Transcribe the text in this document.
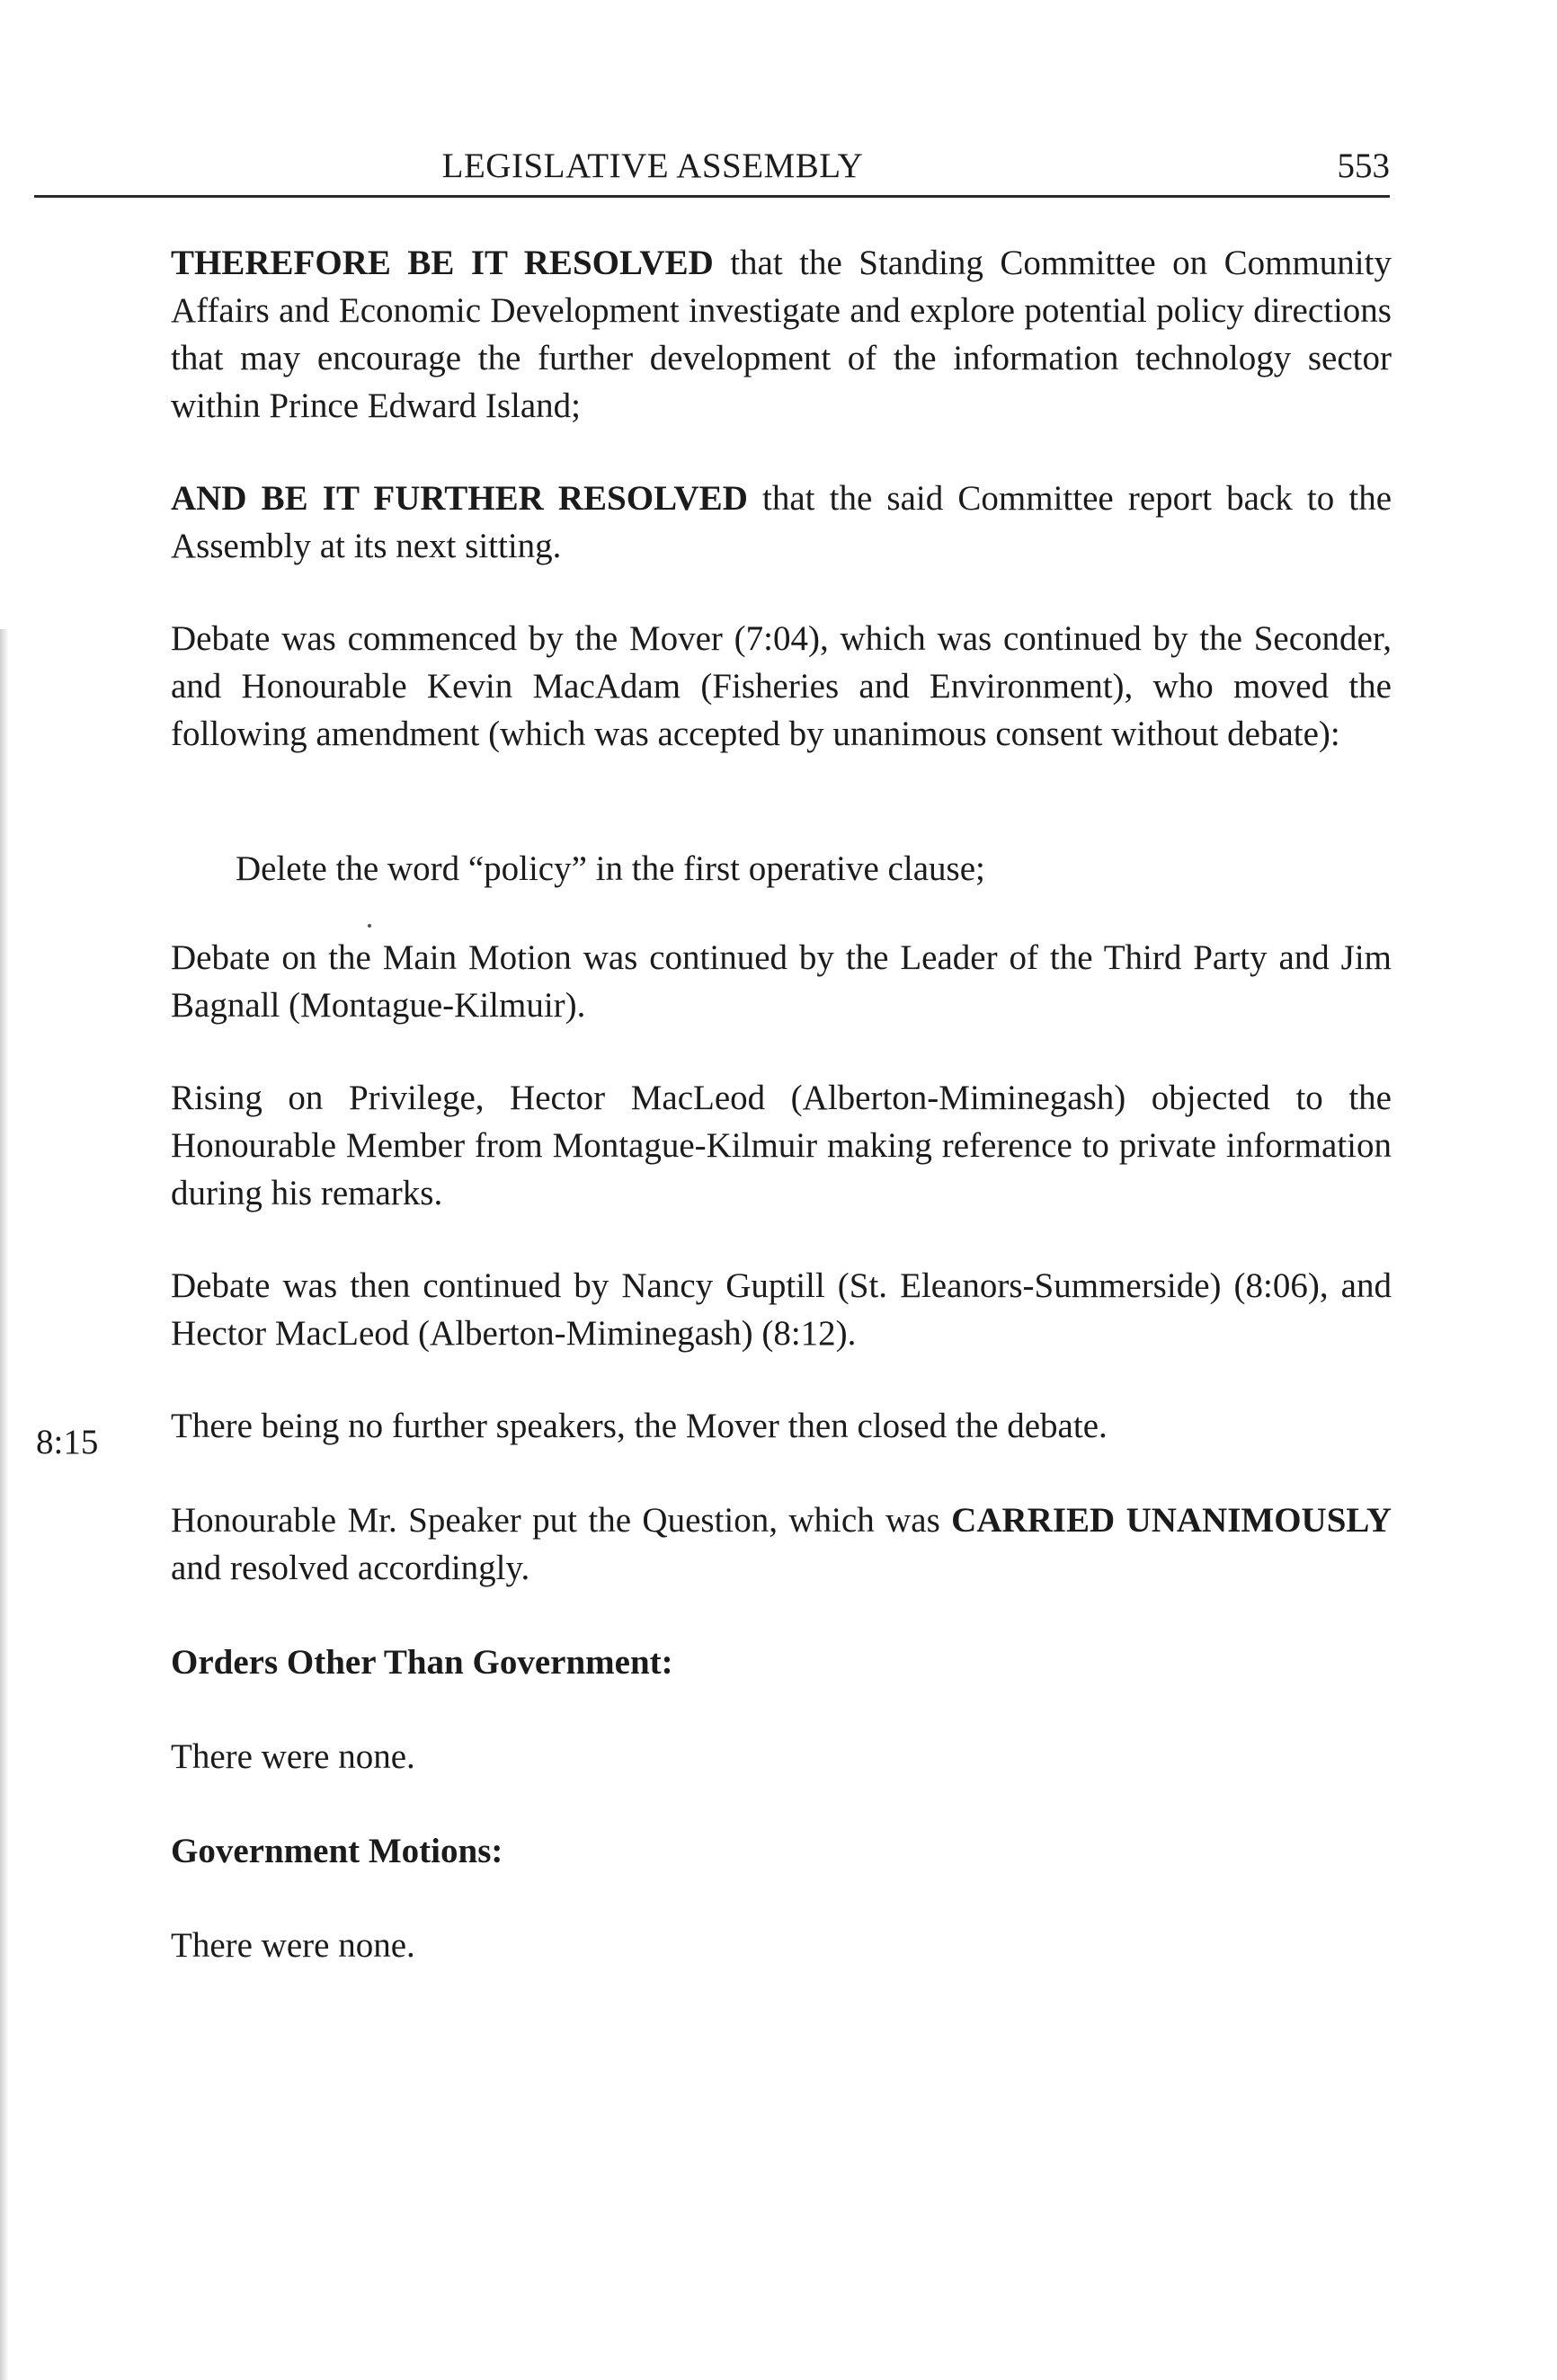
LEGISLATIVE ASSEMBLY	553
8:15

THEREFORE BE IT RESOLVED that the Standing Committee on Community Affairs and Economic Development investigate and explore potential policy directions that may encourage the further development of the information technology sector within Prince Edward Island;

AND BE IT FURTHER RESOLVED that the said Committee report back to the Assembly at its next sitting.

Debate was commenced by the Mover (7:04), which was continued by the Seconder, and Honourable Kevin MacAdam (Fisheries and Environment), who moved the following amendment (which was accepted by unanimous consent without debate):

Delete the word “policy” in the first operative clause;

Debate on the Main Motion was continued by the Leader of the Third Party and Jim Bagnall (Montague-Kilmuir).

Rising on Privilege, Hector MacLeod (Alberton-Miminegash) objected to the Honourable Member from Montague-Kilmuir making reference to private information during his remarks.

Debate was then continued by Nancy Guptill (St. Eleanors-Summerside) (8:06), and Hector MacLeod (Alberton-Miminegash) (8:12).

There being no further speakers, the Mover then closed the debate.

Honourable Mr. Speaker put the Question, which was CARRIED UNANIMOUSLY and resolved accordingly.

Orders Other Than Government:

There were none.

Government Motions:

There were none.
